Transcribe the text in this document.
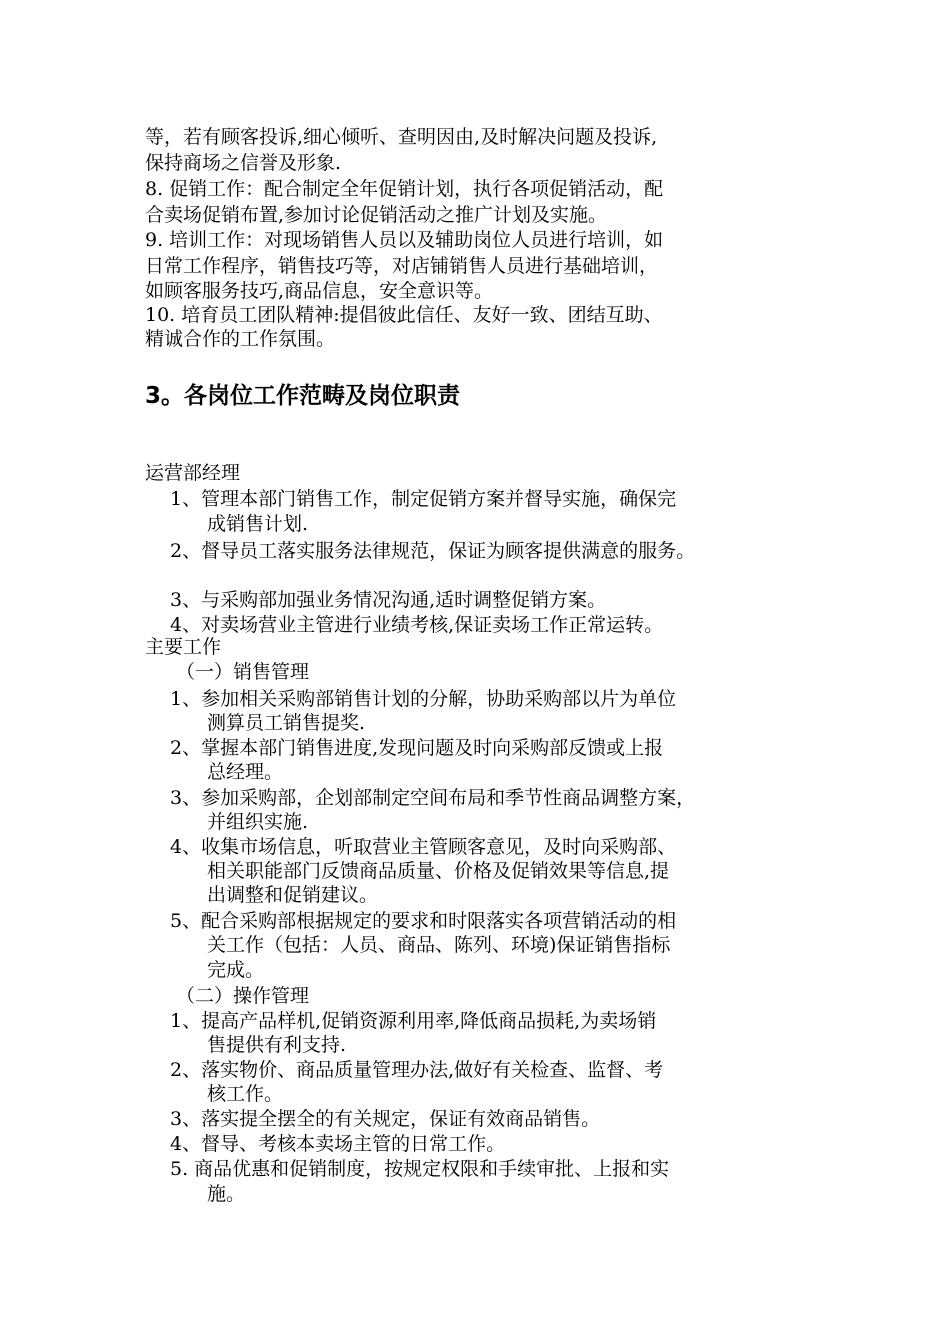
等，若有顾客投诉,细心倾听、查明因由,及时解决问题及投诉,

保持商场之信誉及形象.

8. 促销工作：配合制定全年促销计划，执行各项促销活动，配

合卖场促销布置,参加讨论促销活动之推广计划及实施。

9. 培训工作：对现场销售人员以及辅助岗位人员进行培训，如

日常工作程序，销售技巧等，对店铺销售人员进行基础培训，

如顾客服务技巧,商品信息，安全意识等。

10. 培育员工团队精神:提倡彼此信任、友好一致、团结互助、

精诚合作的工作氛围。

3。各岗位工作范畴及岗位职责

运营部经理

1、管理本部门销售工作，制定促销方案并督导实施，确保完

成销售计划.

2、督导员工落实服务法律规范，保证为顾客提供满意的服务。

3、与采购部加强业务情况沟通,适时调整促销方案。

4、对卖场营业主管进行业绩考核,保证卖场工作正常运转。

主要工作

（一）销售管理

1、参加相关采购部销售计划的分解，协助采购部以片为单位

测算员工销售提奖.

2、掌握本部门销售进度,发现问题及时向采购部反馈或上报

总经理。

3、参加采购部，企划部制定空间布局和季节性商品调整方案，

并组织实施.

4、收集市场信息，听取营业主管顾客意见，及时向采购部、

相关职能部门反馈商品质量、价格及促销效果等信息,提

出调整和促销建议。

5、配合采购部根据规定的要求和时限落实各项营销活动的相

关工作（包括：人员、商品、陈列、环境)保证销售指标

完成。

（二）操作管理

1、提高产品样机,促销资源利用率,降低商品损耗,为卖场销

售提供有利支持.

2、落实物价、商品质量管理办法,做好有关检查、监督、考

核工作。

3、落实提全摆全的有关规定，保证有效商品销售。

4、督导、考核本卖场主管的日常工作。

5. 商品优惠和促销制度，按规定权限和手续审批、上报和实

施。
